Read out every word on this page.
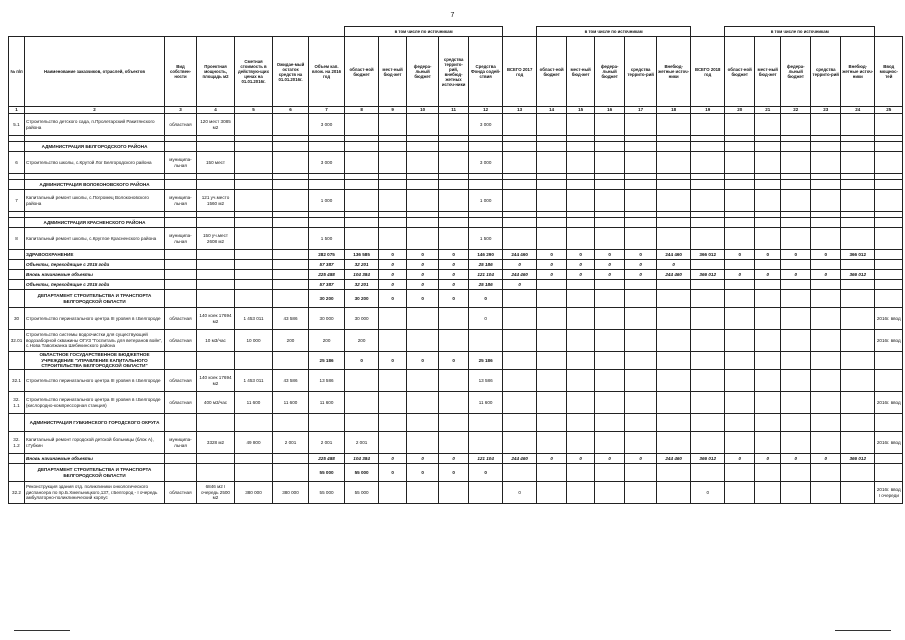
7
							в том числе по источникам						в том числе по источникам						в том числе по источникам					
№ п/п	Наименование заказчиков, отраслей, объектов	Вид собствен-ности	Проектная мощность, площадь м2	Сметная стоимость в действую-щих ценах на 01.01.2016г.	Ожидае-мый остаток средств на 01.01.2016г.	Объем кап. влож. на 2016 год	област-ной бюджет	мест-ный бюд-жет	федера-льный бюджет	средства террито-рий, внебюд-жетных источ-ники	Средства Фонда содей-ствия	ВСЕГО 2017 год	област-ной бюджет	мест-ный бюд-жет	федера-льный бюджет	средства террито-рий	Внебюд-жетные источ-ники	ВСЕГО 2018 год	област-ной бюджет	мест-ный бюд-жет	федера-льный бюджет	средства террито-рий	Внебюд-жетные источ-ники	Ввод мощнос-тей
1	2	3	4	5	6	7	8	9	10	11	12	13	14	15	16	17	18	19	20	21	22	23	24	25
5.1	Строительство детского сада, п.Пролетарский Ракитянского района	областная	120 мест 3085 м2			3 000					3 000													

	АДМИНИСТРАЦИЯ БЕЛГОРОДСКОГО РАЙОНА																							
6	Строительство школы, с.Крутой Лог Белгородского района	муниципа-льная	150 мест			3 000					3 000													

	АДМИНИСТРАЦИЯ ВОЛОКОНОВСКОГО РАЙОНА																							
7	Капитальный ремонт школы, с.Погромец Волоконовского района	муниципа-льная	121 уч.место 1560 м2			1 000					1 000													

	АДМИНИСТРАЦИЯ КРАСНЕНСКОГО РАЙОНА																							
8	Капитальный ремонт школы, с.Круглое Красненского района	муниципа-льная	150 уч.мест 2608 м2			1 500					1 500													
	ЗДРАВООХРАНЕНИЕ					282 075	136 585	0	0	0	146 290	244 460	0	0	0	0	244 460	366 012	0	0	0	0	366 012	
	Объекты, переходящие с 2015 года					57 387	32 201	0	0	0	25 186	0	0	0	0	0	0							
	Вновь начинаемые объекты					225 488	104 384	0	0	0	121 104	244 460	0	0	0	0	244 460	366 012	0	0	0	0	366 012	
	Объекты, переходящие с 2015 года					57 387	32 201	0	0	0	25 186	0												
	ДЕПАРТАМЕНТ СТРОИТЕЛЬСТВА И ТРАНСПОРТА БЕЛГОРОДСКОЙ ОБЛАСТИ					30 200	30 200	0	0	0	0													
30	Строительство перинатального центра III уровня в г.Белгороде	областная	140 коек 17694 м2	1 453 011	43 586	30 000	30 000				0													2016г. ввод
32.01	Строительство системы водоочистки для существующей водозаборной скважины ОГУЗ "Госпиталь для ветеранов войн", с.Нова Таволжанка Шебекинского района	областная	10 м3/час	10 000	200	200	200																	2016г. ввод
	ОБЛАСТНОЕ ГОСУДАРСТВЕННОЕ БЮДЖЕТНОЕ УЧРЕЖДЕНИЕ "УПРАВЛЕНИЕ КАПИТАЛЬНОГО СТРОИТЕЛЬСТВА БЕЛГОРОДСКОЙ ОБЛАСТИ"					25 186	0	0	0	0	25 186													
32.1	Строительство перинатального центра III уровня в г.Белгороде	областная	140 коек 17694 м2	1 453 011	43 586	13 586					13 586													
32. 1.1	Строительство перинатального центра III уровня в г.Белгороде (кислородно-компрессорная станция)	областная	400 м3/час	11 600	11 600	11 600					11 600													2016г. ввод
	АДМИНИСТРАЦИЯ ГУБКИНСКОГО ГОРОДСКОГО ОКРУГА																							
32. 1.2	Капитальный ремонт городской детской больницы (блок А), г.Губкин	муниципа-льная	3328 м2	49 800	2 001	2 001	2 001																	2016г. ввод
	Вновь начинаемые объекты					225 488	104 384	0	0	0	121 104	244 460	0	0	0	0	244 460	366 012	0	0	0	0	366 012	
	ДЕПАРТАМЕНТ СТРОИТЕЛЬСТВА И ТРАНСПОРТА БЕЛГОРОДСКОЙ ОБЛАСТИ					55 000	55 000	0	0	0	0													
32.2	Реконструкция здания отд. поликлиники онкологического диспансера по пр.Б.Хмельницкого,137, г.Белгород - I очередь амбулаторно-поликлинический корпус	областная	6846 м2 I очередь 2500 м2	380 000	380 000	55 000	55 000					0						0						2016г. ввод I очереди
